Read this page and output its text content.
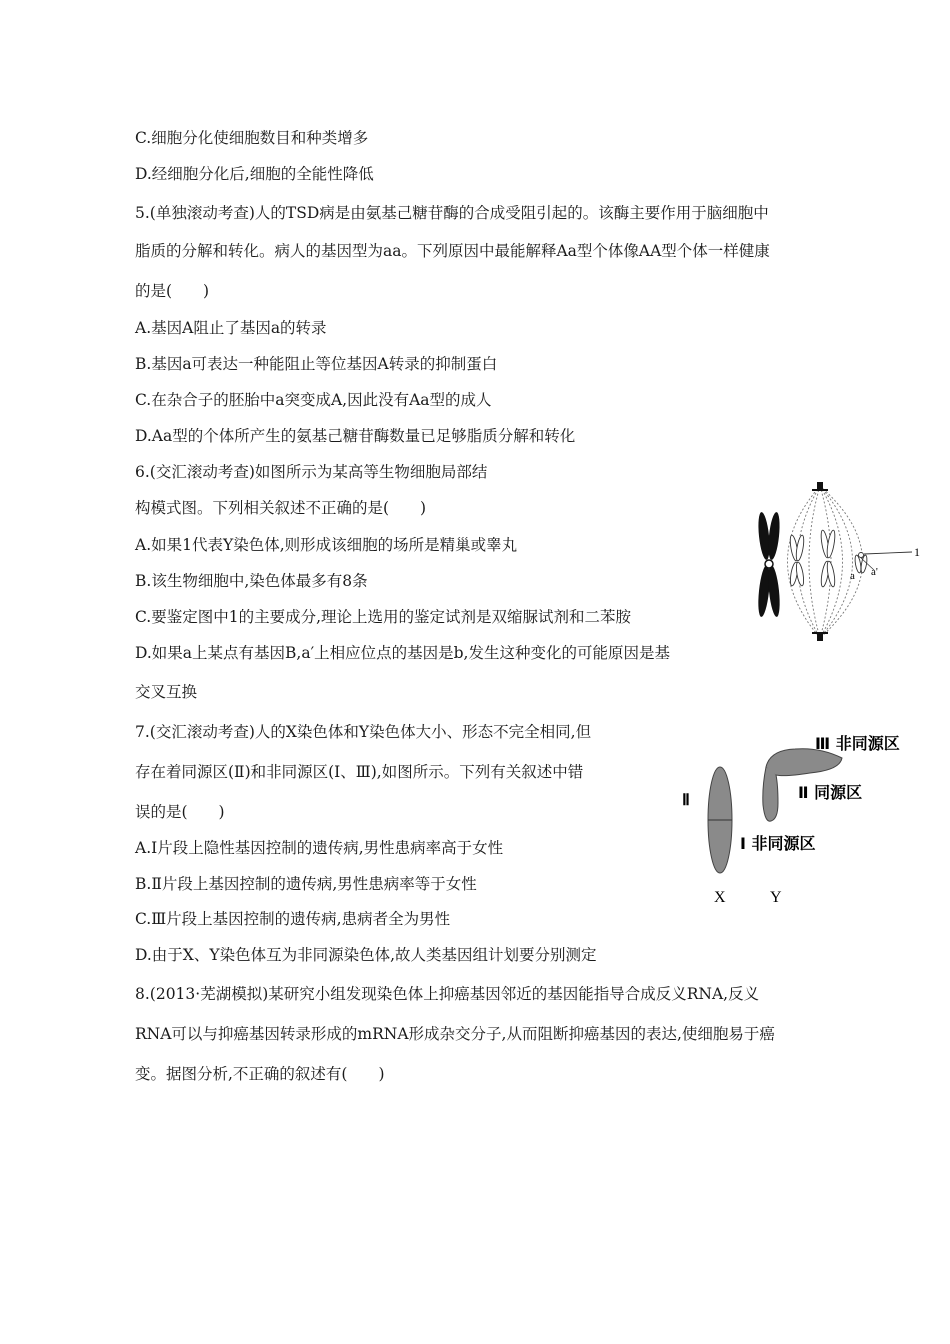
C.细胞分化使细胞数目和种类增多
D.经细胞分化后,细胞的全能性降低
5.(单独滚动考查)人的TSD病是由氨基己糖苷酶的合成受阻引起的。该酶主要作用于脑细胞中
脂质的分解和转化。病人的基因型为aa。下列原因中最能解释Aa型个体像AA型个体一样健康
的是(　　)
A.基因A阻止了基因a的转录
B.基因a可表达一种能阻止等位基因A转录的抑制蛋白
C.在杂合子的胚胎中a突变成A,因此没有Aa型的成人
D.Aa型的个体所产生的氨基己糖苷酶数量已足够脂质分解和转化
6.(交汇滚动考查)如图所示为某高等生物细胞局部结
构模式图。下列相关叙述不正确的是(　　)
A.如果1代表Y染色体,则形成该细胞的场所是精巢或睾丸
B.该生物细胞中,染色体最多有8条
C.要鉴定图中1的主要成分,理论上选用的鉴定试剂是双缩脲试剂和二苯胺
D.如果a上某点有基因B,a′上相应位点的基因是b,发生这种变化的可能原因是基
交叉互换
7.(交汇滚动考查)人的X染色体和Y染色体大小、形态不完全相同,但
存在着同源区(Ⅱ)和非同源区(Ⅰ、Ⅲ),如图所示。下列有关叙述中错
误的是(　　)
A.Ⅰ片段上隐性基因控制的遗传病,男性患病率高于女性
B.Ⅱ片段上基因控制的遗传病,男性患病率等于女性
C.Ⅲ片段上基因控制的遗传病,患病者全为男性
D.由于X、Y染色体互为非同源染色体,故人类基因组计划要分别测定
8.(2013·芜湖模拟)某研究小组发现染色体上抑癌基因邻近的基因能指导合成反义RNA,反义
RNA可以与抑癌基因转录形成的mRNA形成杂交分子,从而阻断抑癌基因的表达,使细胞易于癌
变。据图分析,不正确的叙述有(　　)
1
a a'
Ⅲ 非同源区
Ⅱ 同源区
Ⅰ 非同源区
Ⅱ
X	Y
